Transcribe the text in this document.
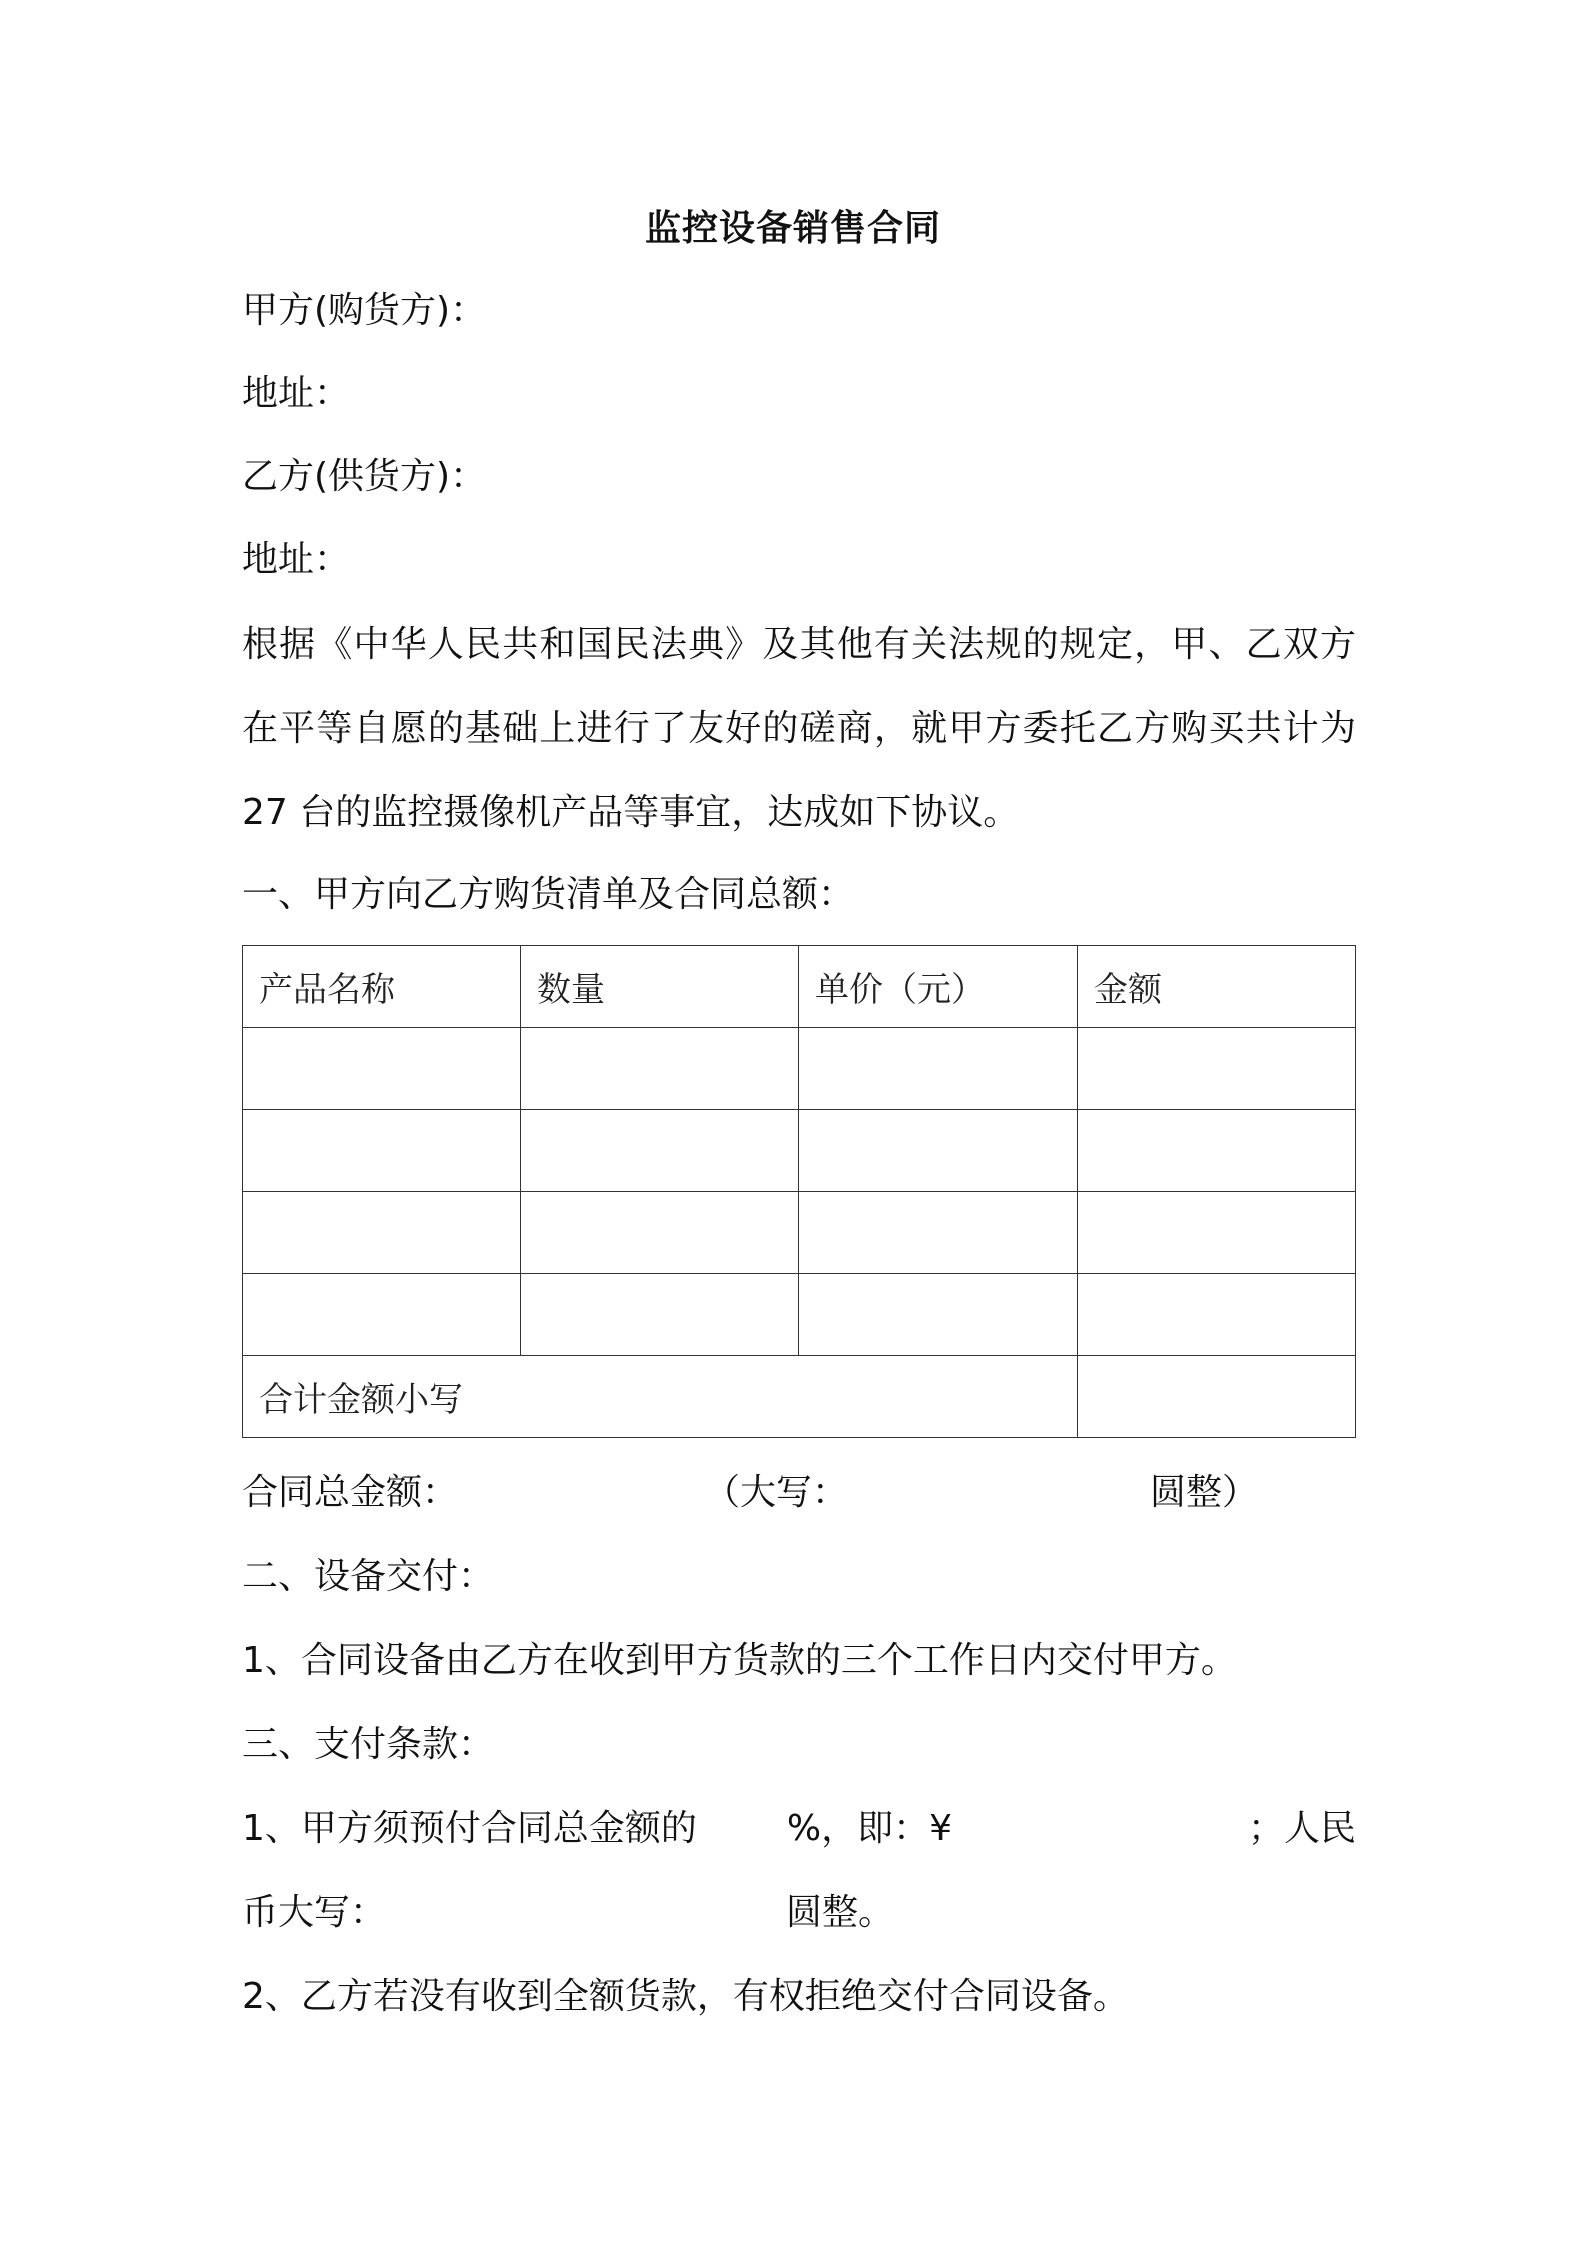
监控设备销售合同
甲方(购货方)：
地址：
乙方(供货方)：
地址：
根据《中华人民共和国民法典》及其他有关法规的规定，甲、乙双方在平等自愿的基础上进行了友好的磋商，就甲方委托乙方购买共计为 27 台的监控摄像机产品等事宜，达成如下协议。
一、甲方向乙方购货清单及合同总额：
产品名称	数量	单价（元）	金额

合计金额小写			
合同总金额：	（大写：	圆整）
二、设备交付：
1、合同设备由乙方在收到甲方货款的三个工作日内交付甲方。
三、支付条款：
1、甲方须预付合同总金额的	%，即：¥	；人民
币大写：	圆整。
2、乙方若没有收到全额货款，有权拒绝交付合同设备。
